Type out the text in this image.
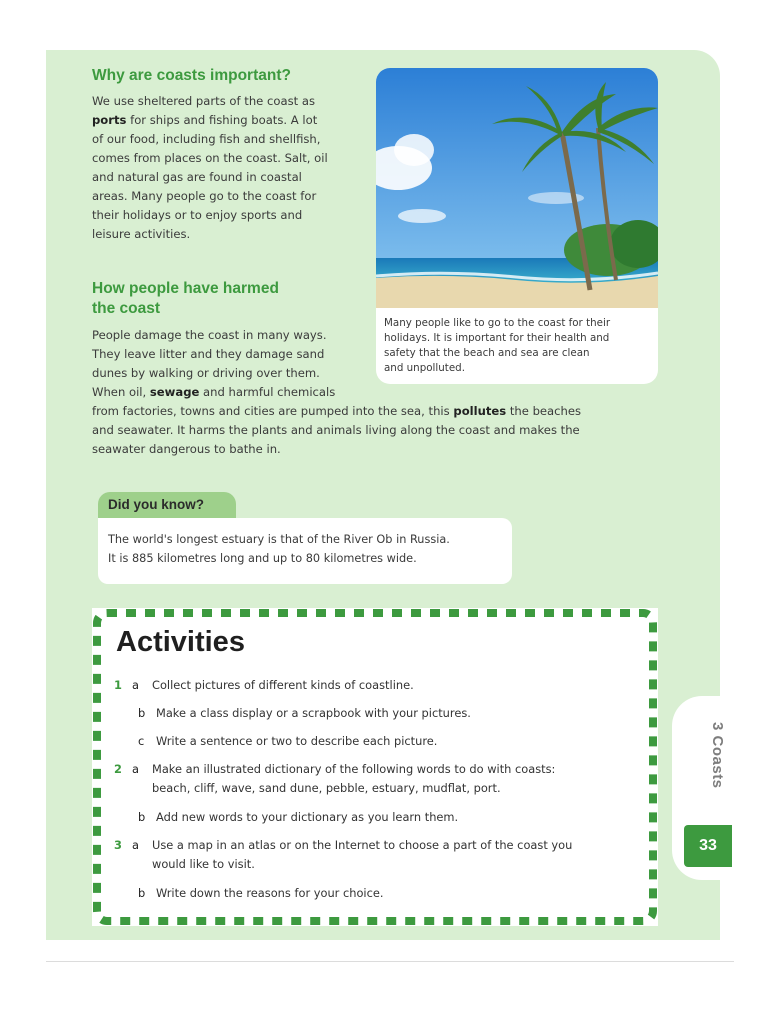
Why are coasts important?
We use sheltered parts of the coast as
ports for ships and fishing boats. A lot
of our food, including fish and shellfish,
comes from places on the coast. Salt, oil
and natural gas are found in coastal
areas. Many people go to the coast for
their holidays or to enjoy sports and
leisure activities.
Many people like to go to the coast for their
holidays. It is important for their health and
safety that the beach and sea are clean
and unpolluted.
How people have harmed
the coast
People damage the coast in many ways.
They leave litter and they damage sand
dunes by walking or driving over them.
When oil, sewage and harmful chemicals
from factories, towns and cities are pumped into the sea, this pollutes the beaches
and seawater. It harms the plants and animals living along the coast and makes the
seawater dangerous to bathe in.
Did you know?

The world's longest estuary is that of the River Ob in Russia.
It is 885 kilometres long and up to 80 kilometres wide.

Activities
1 a Collect pictures of different kinds of coastline.
b Make a class display or a scrapbook with your pictures.
c Write a sentence or two to describe each picture.
2 a Make an illustrated dictionary of the following words to do with coasts:
beach, cliff, wave, sand dune, pebble, estuary, mudflat, port.
b Add new words to your dictionary as you learn them.
3 a Use a map in an atlas or on the Internet to choose a part of the coast you
would like to visit.
b Write down the reasons for your choice.
3 Coasts
33
